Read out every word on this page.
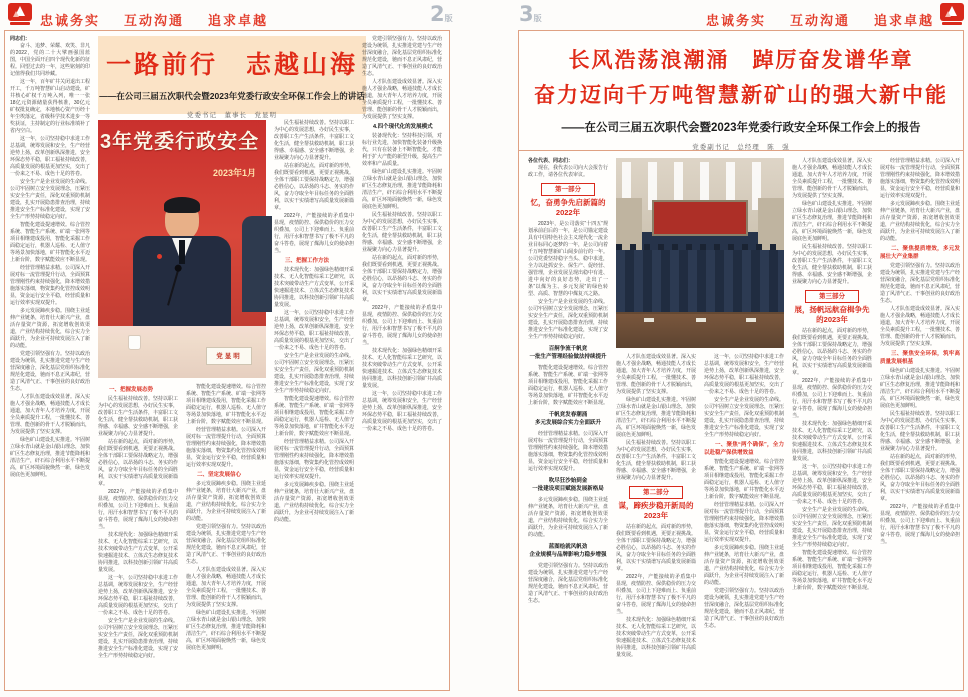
忠诚务实 互动沟通 追求卓越	2版
一路前行　志越山海
——在公司三届五次职代会暨2023年党委行政安全环保工作会上的讲话
党委书记　董事长　党显明
3年党委行政安全
2023年1月
党显明
同志们：
奋斗、追梦、荣耀、欢笑、非凡的2022，党的二十大擘画强国蓝图，中国全面开启四个现代化新的征程。回望过去的一年，这些铭刻的印记值得我们共同珍藏。
这一年，百年矿井关闭退出工程开工，千万吨智慧矿山启动建设，矿井核心矿权千万吨入列，唯一一张18亿元资源储量获得核准，30亿元矿权批复确定，本地核心资产历经十年尘埃落定，省级科学技术进步一等奖获证，主持制定的行业标准填补了省内空白。
这一年，公司坚持稳中求进工作总基调，统筹发展和安全，生产经营逆势上扬，改革创新纵深推进，安全环保态势平稳，职工福祉持续改善，高质量发展的根基更加坚实，交出了一份来之不易、成色十足的答卷。
安全生产是企业发展的生命线。公司牢固树立安全发展理念，压紧压实安全生产责任，深化双重预防机制建设，扎实开展隐患排查治理，持续推进安全生产标准化建设，实现了安全生产形势持续稳定向好。
智能化建设提速增效。综合管控系统、智能生产系统、矿端一张网等项目相继建成投用，智能化采掘工作面稳定运行，机器人巡检、无人值守等场景加快落地，矿井智能化水平迈上新台阶，数字赋能效应不断显现。
经营管理精益求精。公司深入开展对标一流管理提升行动，全面预算管理刚性约束持续强化，降本增效措施落实落细，物资集约化管控成效明显，资金运行安全平稳，经营质量和运行效率实现双提升。
多元发展蹄疾步稳。围绕主业延伸产业链条，培育壮大新兴产业，盘活存量资产资源，拓宽增收创效渠道，产业结构持续优化，综合实力全面跃升，为企业可持续发展注入了新的动能。
党建引领坚强有力。坚持以政治建设为统领，扎实推进党建与生产经营深度融合，深化基层党组织标准化规范化建设，驰而不息正风肃纪，营造了风清气正、干事创业的良好政治生态。
人才队伍建设成效显著。深入实施人才强企战略，畅通技能人才成长通道，加大青年人才培养力度，开展全员素质提升工程，一批懂技术、善管理、能创新的骨干人才脱颖而出，为发展提供了坚实支撑。
绿色矿山建设扎实推进。牢固树立绿水青山就是金山银山理念，加快矿区生态修复治理，推进节能降耗和清洁生产，矸石综合利用水平不断提高，矿区环境面貌焕然一新，绿色发展底色更加鲜明。
一、把握发展态势
民生福祉持续改善。坚持以职工为中心的发展思想，办好民生实事，改善职工生产生活条件，丰富职工文化生活，健全帮扶救助机制，职工获得感、幸福感、安全感不断增强，企业凝聚力向心力显著提升。
站在新的起点，面对新的形势，我们既要看到机遇，更要正视挑战。全体干部职工要保持战略定力，增强必胜信心，以昂扬的斗志、务实的作风，奋力夺取全年目标任务的全面胜利，以实干实绩谱写高质量发展新篇章。
2022年，产能接续的矛盾集中显现，疫情防控、保供稳价的压力交织叠加，公司上下迎难而上、负重前行，用汗水和智慧书写了极不平凡的奋斗答卷，展现了煤海儿女的使命担当。
技术现代化：加强绿色精细开采技术、无人化智能综采工艺研究，以技术突破带动生产方式变革，公开采快速掘进技术、立体式生态修复技术协同推进，以科技创新引领矿井高质量发展。
这一年，公司坚持稳中求进工作总基调，统筹发展和安全，生产经营逆势上扬，改革创新纵深推进，安全环保态势平稳，职工福祉持续改善，高质量发展的根基更加坚实，交出了一份来之不易、成色十足的答卷。
安全生产是企业发展的生命线。公司牢固树立安全发展理念，压紧压实安全生产责任，深化双重预防机制建设，扎实开展隐患排查治理，持续推进安全生产标准化建设，实现了安全生产形势持续稳定向好。
智能化建设提速增效。综合管控系统、智能生产系统、矿端一张网等项目相继建成投用，智能化采掘工作面稳定运行，机器人巡检、无人值守等场景加快落地，矿井智能化水平迈上新台阶，数字赋能效应不断显现。
经营管理精益求精。公司深入开展对标一流管理提升行动，全面预算管理刚性约束持续强化，降本增效措施落实落细，物资集约化管控成效明显，资金运行安全平稳，经营质量和运行效率实现双提升。
二、坚定发展信心
多元发展蹄疾步稳。围绕主业延伸产业链条，培育壮大新兴产业，盘活存量资产资源，拓宽增收创效渠道，产业结构持续优化，综合实力全面跃升，为企业可持续发展注入了新的动能。
党建引领坚强有力。坚持以政治建设为统领，扎实推进党建与生产经营深度融合，深化基层党组织标准化规范化建设，驰而不息正风肃纪，营造了风清气正、干事创业的良好政治生态。
人才队伍建设成效显著。深入实施人才强企战略，畅通技能人才成长通道，加大青年人才培养力度，开展全员素质提升工程，一批懂技术、善管理、能创新的骨干人才脱颖而出，为发展提供了坚实支撑。
绿色矿山建设扎实推进。牢固树立绿水青山就是金山银山理念，加快矿区生态修复治理，推进节能降耗和清洁生产，矸石综合利用水平不断提高，矿区环境面貌焕然一新，绿色发展底色更加鲜明。
民生福祉持续改善。坚持以职工为中心的发展思想，办好民生实事，改善职工生产生活条件，丰富职工文化生活，健全帮扶救助机制，职工获得感、幸福感、安全感不断增强，企业凝聚力向心力显著提升。
站在新的起点，面对新的形势，我们既要看到机遇，更要正视挑战。全体干部职工要保持战略定力，增强必胜信心，以昂扬的斗志、务实的作风，奋力夺取全年目标任务的全面胜利，以实干实绩谱写高质量发展新篇章。
2022年，产能接续的矛盾集中显现，疫情防控、保供稳价的压力交织叠加，公司上下迎难而上、负重前行，用汗水和智慧书写了极不平凡的奋斗答卷，展现了煤海儿女的使命担当。
三、把握工作方法
技术现代化：加强绿色精细开采技术、无人化智能综采工艺研究，以技术突破带动生产方式变革，公开采快速掘进技术、立体式生态修复技术协同推进，以科技创新引领矿井高质量发展。
这一年，公司坚持稳中求进工作总基调，统筹发展和安全，生产经营逆势上扬，改革创新纵深推进，安全环保态势平稳，职工福祉持续改善，高质量发展的根基更加坚实，交出了一份来之不易、成色十足的答卷。
安全生产是企业发展的生命线。公司牢固树立安全发展理念，压紧压实安全生产责任，深化双重预防机制建设，扎实开展隐患排查治理，持续推进安全生产标准化建设，实现了安全生产形势持续稳定向好。
智能化建设提速增效。综合管控系统、智能生产系统、矿端一张网等项目相继建成投用，智能化采掘工作面稳定运行，机器人巡检、无人值守等场景加快落地，矿井智能化水平迈上新台阶，数字赋能效应不断显现。
经营管理精益求精。公司深入开展对标一流管理提升行动，全面预算管理刚性约束持续强化，降本增效措施落实落细，物资集约化管控成效明显，资金运行安全平稳，经营质量和运行效率实现双提升。
多元发展蹄疾步稳。围绕主业延伸产业链条，培育壮大新兴产业，盘活存量资产资源，拓宽增收创效渠道，产业结构持续优化，综合实力全面跃升，为企业可持续发展注入了新的动能。
党建引领坚强有力。坚持以政治建设为统领，扎实推进党建与生产经营深度融合，深化基层党组织标准化规范化建设，驰而不息正风肃纪，营造了风清气正、干事创业的良好政治生态。
人才队伍建设成效显著。深入实施人才强企战略，畅通技能人才成长通道，加大青年人才培养力度，开展全员素质提升工程，一批懂技术、善管理、能创新的骨干人才脱颖而出，为发展提供了坚实支撑。
4.四个现代化的发展模式
装备现代化：坚持科技引领，对标行业先进，加快智能化装备升级换代，只有在装备上不断智能化，才能利于扩大产能的新型升级，提高生产效率和产品质量。
绿色矿山建设扎实推进。牢固树立绿水青山就是金山银山理念，加快矿区生态修复治理，推进节能降耗和清洁生产，矸石综合利用水平不断提高，矿区环境面貌焕然一新，绿色发展底色更加鲜明。
民生福祉持续改善。坚持以职工为中心的发展思想，办好民生实事，改善职工生产生活条件，丰富职工文化生活，健全帮扶救助机制，职工获得感、幸福感、安全感不断增强，企业凝聚力向心力显著提升。
站在新的起点，面对新的形势，我们既要看到机遇，更要正视挑战。全体干部职工要保持战略定力，增强必胜信心，以昂扬的斗志、务实的作风，奋力夺取全年目标任务的全面胜利，以实干实绩谱写高质量发展新篇章。
2022年，产能接续的矛盾集中显现，疫情防控、保供稳价的压力交织叠加，公司上下迎难而上、负重前行，用汗水和智慧书写了极不平凡的奋斗答卷，展现了煤海儿女的使命担当。
技术现代化：加强绿色精细开采技术、无人化智能综采工艺研究，以技术突破带动生产方式变革，公开采快速掘进技术、立体式生态修复技术协同推进，以科技创新引领矿井高质量发展。
这一年，公司坚持稳中求进工作总基调，统筹发展和安全，生产经营逆势上扬，改革创新纵深推进，安全环保态势平稳，职工福祉持续改善，高质量发展的根基更加坚实，交出了一份来之不易、成色十足的答卷。
3版	忠诚务实 互动沟通 追求卓越
长风浩荡浪潮涌　踔厉奋发谱华章
奋力迈向千万吨智慧新矿山的强大新中能
——在公司三届五次职代会暨2023年党委行政安全环保工作会上的报告
党委副书记　总经理　陈　强
各位代表、同志们：
现在，我代表公司向大会报告行政工作，请各位代表审议。
第一部分
忆，奋勇争先启新篇的2022年
2023年，是公司落实“十四五”规划承前启后的一年，是公司锚定建设具有中国特色社会主义现代化一流企业目标同心逐梦的一年，是公司向着千万吨智慧新矿山阔步前行的一年。公司党委坚持稳字当头、稳中求进，全力以赴抓安全、保生产、促经营、强管理，企业发展呈现出稳中有进、进中向好的良好态势，走出了一条“以煤为主、多元发展”的绿色转型、高质、智慧的中煤复兴之路。
安全生产是企业发展的生命线。公司牢固树立安全发展理念，压紧压实安全生产责任，深化双重预防机制建设，扎实开展隐患排查治理，持续推进安全生产标准化建设，实现了安全生产形势持续稳定向好。
百舸争流千帆竞
一批生产管理经验做法持续提升
智能化建设提速增效。综合管控系统、智能生产系统、矿端一张网等项目相继建成投用，智能化采掘工作面稳定运行，机器人巡检、无人值守等场景加快落地，矿井智能化水平迈上新台阶，数字赋能效应不断显现。
千帆竞发春潮涌
多元发展综合实力全面跃升
经营管理精益求精。公司深入开展对标一流管理提升行动，全面预算管理刚性约束持续强化，降本增效措施落实落细，物资集约化管控成效明显，资金运行安全平稳，经营质量和运行效率实现双提升。
吹尽狂沙始到金
一批建设项目赋能发展新格局
多元发展蹄疾步稳。围绕主业延伸产业链条，培育壮大新兴产业，盘活存量资产资源，拓宽增收创效渠道，产业结构持续优化，综合实力全面跃升，为企业可持续发展注入了新的动能。
蓝图绘就风帆劲
企业规模与品牌影响力稳步增强
党建引领坚强有力。坚持以政治建设为统领，扎实推进党建与生产经营深度融合，深化基层党组织标准化规范化建设，驰而不息正风肃纪，营造了风清气正、干事创业的良好政治生态。
人才队伍建设成效显著。深入实施人才强企战略，畅通技能人才成长通道，加大青年人才培养力度，开展全员素质提升工程，一批懂技术、善管理、能创新的骨干人才脱颖而出，为发展提供了坚实支撑。
绿色矿山建设扎实推进。牢固树立绿水青山就是金山银山理念，加快矿区生态修复治理，推进节能降耗和清洁生产，矸石综合利用水平不断提高，矿区环境面貌焕然一新，绿色发展底色更加鲜明。
民生福祉持续改善。坚持以职工为中心的发展思想，办好民生实事，改善职工生产生活条件，丰富职工文化生活，健全帮扶救助机制，职工获得感、幸福感、安全感不断增强，企业凝聚力向心力显著提升。
第二部分
谋，蹄疾步稳开新局的2023年
站在新的起点，面对新的形势，我们既要看到机遇，更要正视挑战。全体干部职工要保持战略定力，增强必胜信心，以昂扬的斗志、务实的作风，奋力夺取全年目标任务的全面胜利，以实干实绩谱写高质量发展新篇章。
2022年，产能接续的矛盾集中显现，疫情防控、保供稳价的压力交织叠加，公司上下迎难而上、负重前行，用汗水和智慧书写了极不平凡的奋斗答卷，展现了煤海儿女的使命担当。
技术现代化：加强绿色精细开采技术、无人化智能综采工艺研究，以技术突破带动生产方式变革，公开采快速掘进技术、立体式生态修复技术协同推进，以科技创新引领矿井高质量发展。
这一年，公司坚持稳中求进工作总基调，统筹发展和安全，生产经营逆势上扬，改革创新纵深推进，安全环保态势平稳，职工福祉持续改善，高质量发展的根基更加坚实，交出了一份来之不易、成色十足的答卷。
安全生产是企业发展的生命线。公司牢固树立安全发展理念，压紧压实安全生产责任，深化双重预防机制建设，扎实开展隐患排查治理，持续推进安全生产标准化建设，实现了安全生产形势持续稳定向好。
一、聚焦“两个确保”，全力以赴稳产保供增效益
智能化建设提速增效。综合管控系统、智能生产系统、矿端一张网等项目相继建成投用，智能化采掘工作面稳定运行，机器人巡检、无人值守等场景加快落地，矿井智能化水平迈上新台阶，数字赋能效应不断显现。
经营管理精益求精。公司深入开展对标一流管理提升行动，全面预算管理刚性约束持续强化，降本增效措施落实落细，物资集约化管控成效明显，资金运行安全平稳，经营质量和运行效率实现双提升。
多元发展蹄疾步稳。围绕主业延伸产业链条，培育壮大新兴产业，盘活存量资产资源，拓宽增收创效渠道，产业结构持续优化，综合实力全面跃升，为企业可持续发展注入了新的动能。
党建引领坚强有力。坚持以政治建设为统领，扎实推进党建与生产经营深度融合，深化基层党组织标准化规范化建设，驰而不息正风肃纪，营造了风清气正、干事创业的良好政治生态。
人才队伍建设成效显著。深入实施人才强企战略，畅通技能人才成长通道，加大青年人才培养力度，开展全员素质提升工程，一批懂技术、善管理、能创新的骨干人才脱颖而出，为发展提供了坚实支撑。
绿色矿山建设扎实推进。牢固树立绿水青山就是金山银山理念，加快矿区生态修复治理，推进节能降耗和清洁生产，矸石综合利用水平不断提高，矿区环境面貌焕然一新，绿色发展底色更加鲜明。
民生福祉持续改善。坚持以职工为中心的发展思想，办好民生实事，改善职工生产生活条件，丰富职工文化生活，健全帮扶救助机制，职工获得感、幸福感、安全感不断增强，企业凝聚力向心力显著提升。
第三部分
展，扬帆远航奋楫争先的2023年
站在新的起点，面对新的形势，我们既要看到机遇，更要正视挑战。全体干部职工要保持战略定力，增强必胜信心，以昂扬的斗志、务实的作风，奋力夺取全年目标任务的全面胜利，以实干实绩谱写高质量发展新篇章。
2022年，产能接续的矛盾集中显现，疫情防控、保供稳价的压力交织叠加，公司上下迎难而上、负重前行，用汗水和智慧书写了极不平凡的奋斗答卷，展现了煤海儿女的使命担当。
技术现代化：加强绿色精细开采技术、无人化智能综采工艺研究，以技术突破带动生产方式变革，公开采快速掘进技术、立体式生态修复技术协同推进，以科技创新引领矿井高质量发展。
这一年，公司坚持稳中求进工作总基调，统筹发展和安全，生产经营逆势上扬，改革创新纵深推进，安全环保态势平稳，职工福祉持续改善，高质量发展的根基更加坚实，交出了一份来之不易、成色十足的答卷。
安全生产是企业发展的生命线。公司牢固树立安全发展理念，压紧压实安全生产责任，深化双重预防机制建设，扎实开展隐患排查治理，持续推进安全生产标准化建设，实现了安全生产形势持续稳定向好。
智能化建设提速增效。综合管控系统、智能生产系统、矿端一张网等项目相继建成投用，智能化采掘工作面稳定运行，机器人巡检、无人值守等场景加快落地，矿井智能化水平迈上新台阶，数字赋能效应不断显现。
经营管理精益求精。公司深入开展对标一流管理提升行动，全面预算管理刚性约束持续强化，降本增效措施落实落细，物资集约化管控成效明显，资金运行安全平稳，经营质量和运行效率实现双提升。
多元发展蹄疾步稳。围绕主业延伸产业链条，培育壮大新兴产业，盘活存量资产资源，拓宽增收创效渠道，产业结构持续优化，综合实力全面跃升，为企业可持续发展注入了新的动能。
二、聚焦提质增效，多元发展壮大产业集群
党建引领坚强有力。坚持以政治建设为统领，扎实推进党建与生产经营深度融合，深化基层党组织标准化规范化建设，驰而不息正风肃纪，营造了风清气正、干事创业的良好政治生态。
人才队伍建设成效显著。深入实施人才强企战略，畅通技能人才成长通道，加大青年人才培养力度，开展全员素质提升工程，一批懂技术、善管理、能创新的骨干人才脱颖而出，为发展提供了坚实支撑。
三、聚焦安全环保，筑牢高质量发展根基
绿色矿山建设扎实推进。牢固树立绿水青山就是金山银山理念，加快矿区生态修复治理，推进节能降耗和清洁生产，矸石综合利用水平不断提高，矿区环境面貌焕然一新，绿色发展底色更加鲜明。
民生福祉持续改善。坚持以职工为中心的发展思想，办好民生实事，改善职工生产生活条件，丰富职工文化生活，健全帮扶救助机制，职工获得感、幸福感、安全感不断增强，企业凝聚力向心力显著提升。
站在新的起点，面对新的形势，我们既要看到机遇，更要正视挑战。全体干部职工要保持战略定力，增强必胜信心，以昂扬的斗志、务实的作风，奋力夺取全年目标任务的全面胜利，以实干实绩谱写高质量发展新篇章。
2022年，产能接续的矛盾集中显现，疫情防控、保供稳价的压力交织叠加，公司上下迎难而上、负重前行，用汗水和智慧书写了极不平凡的奋斗答卷，展现了煤海儿女的使命担当。
